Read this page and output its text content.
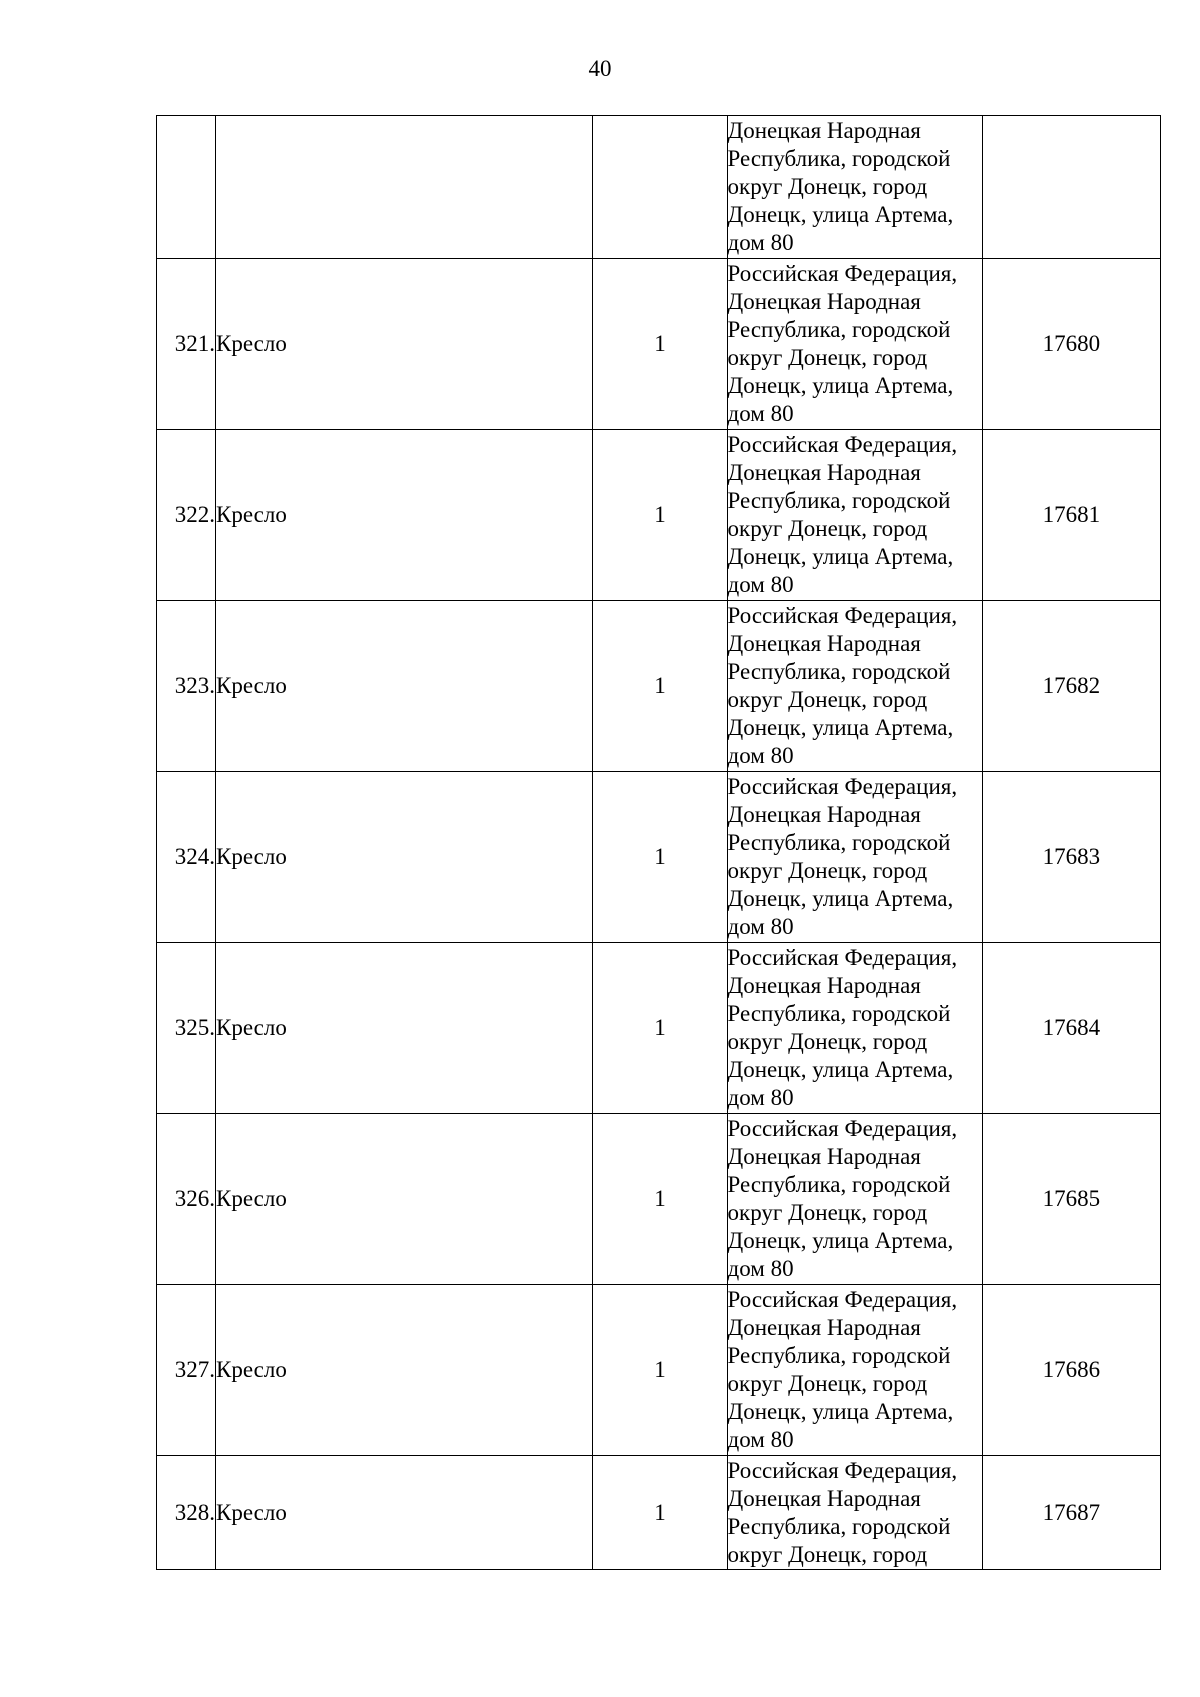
40

			Донецкая Народная Республика, городской округ Донецк, город Донецк, улица Артема, дом 80	

321.	Кресло	1	Российская Федерация, Донецкая Народная Республика, городской округ Донецк, город Донецк, улица Артема, дом 80	17680
322.	Кресло	1	Российская Федерация, Донецкая Народная Республика, городской округ Донецк, город Донецк, улица Артема, дом 80	17681
323.	Кресло	1	Российская Федерация, Донецкая Народная Республика, городской округ Донецк, город Донецк, улица Артема, дом 80	17682
324.	Кресло	1	Российская Федерация, Донецкая Народная Республика, городской округ Донецк, город Донецк, улица Артема, дом 80	17683
325.	Кресло	1	Российская Федерация, Донецкая Народная Республика, городской округ Донецк, город Донецк, улица Артема, дом 80	17684
326.	Кресло	1	Российская Федерация, Донецкая Народная Республика, городской округ Донецк, город Донецк, улица Артема, дом 80	17685
327.	Кресло	1	Российская Федерация, Донецкая Народная Республика, городской округ Донецк, город Донецк, улица Артема, дом 80	17686
328.	Кресло	1	Российская Федерация, Донецкая Народная Республика, городской округ Донецк, город	17687
